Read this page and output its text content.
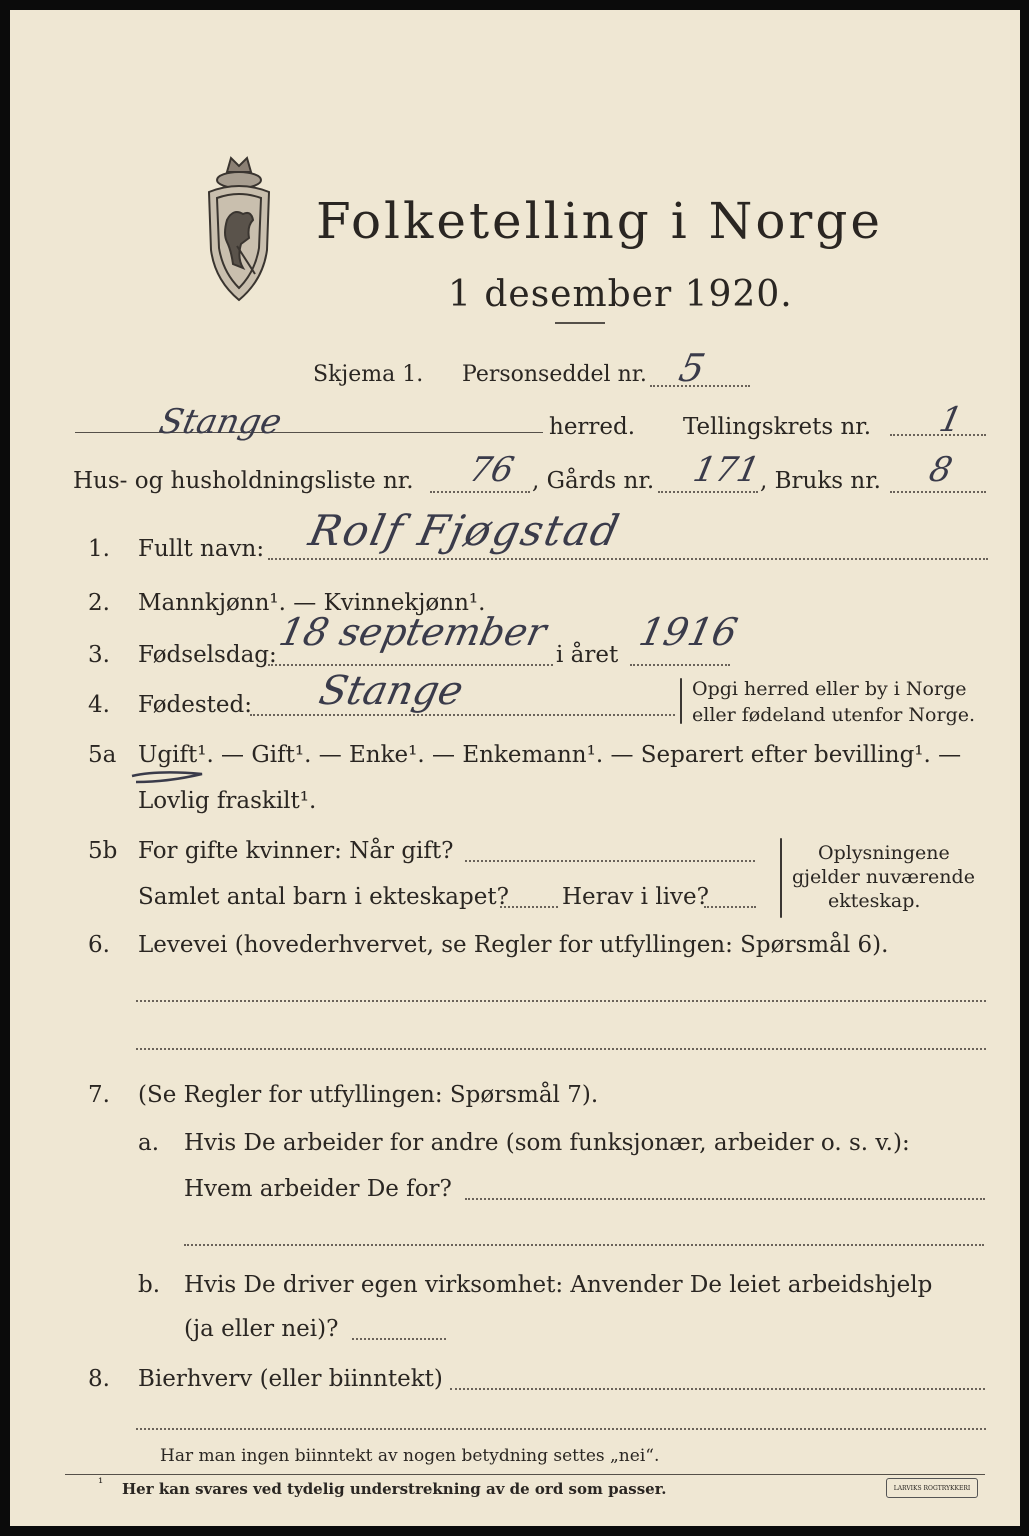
Folketelling i Norge
1 desember 1920.
Skjema 1. Personseddel nr. 5
Stange	herred. Tellingskrets nr. 1
Hus- og husholdningsliste nr. 76 , Gårds nr. 171
, Bruks nr. 8
1. Fullt navn: Rolf Fjøgstad
2. Mannkjønn¹. — Kvinnekjønn¹.
3. Fødselsdag:
18 september
i året
1916
4. Fødested: Stange	Opgi herred eller by i Norge
eller fødeland utenfor Norge.
5a Ugift¹. — Gift¹. — Enke¹. — Enkemann¹. — Separert efter bevilling¹. —
Lovlig fraskilt¹.
5b For gifte kvinner: Når gift?
Samlet antal barn i ekteskapet? Herav i live?
Oplysningene
gjelder nuværende
ekteskap.
6. Levevei (hovederhvervet, se Regler for utfyllingen: Spørsmål 6).
7. (Se Regler for utfyllingen: Spørsmål 7).
a. Hvis De arbeider for andre (som funksjonær, arbeider o. s. v.):
Hvem arbeider De for?
b. Hvis De driver egen virksomhet: Anvender De leiet arbeidshjelp
(ja eller nei)?
8. Bierhverv (eller biinntekt)
Har man ingen biinntekt av nogen betydning settes „nei“.
¹ Her kan svares ved tydelig understrekning av de ord som passer.	LARVIKS ROGTRYKKERI
